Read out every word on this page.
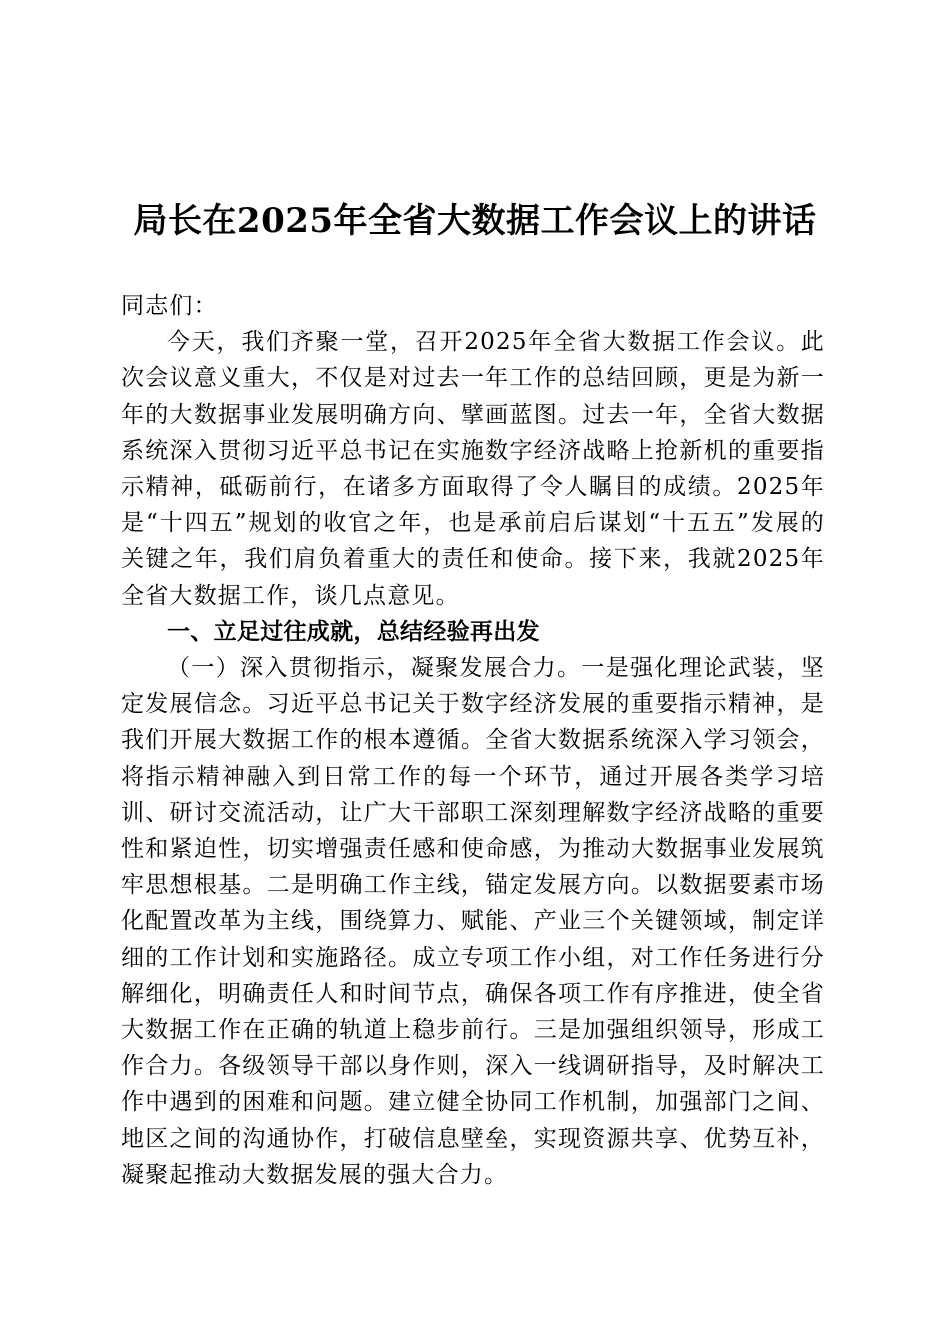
局长在2025年全省大数据工作会议上的讲话

同志们：

今天，我们齐聚一堂，召开2025年全省大数据工作会议。此次会议意义重大，不仅是对过去一年工作的总结回顾，更是为新一年的大数据事业发展明确方向、擘画蓝图。过去一年，全省大数据系统深入贯彻习近平总书记在实施数字经济战略上抢新机的重要指示精神，砥砺前行，在诸多方面取得了令人瞩目的成绩。2025年是“十四五”规划的收官之年，也是承前启后谋划“十五五”发展的关键之年，我们肩负着重大的责任和使命。接下来，我就2025年全省大数据工作，谈几点意见。

一、立足过往成就，总结经验再出发

（一）深入贯彻指示，凝聚发展合力。一是强化理论武装，坚定发展信念。习近平总书记关于数字经济发展的重要指示精神，是我们开展大数据工作的根本遵循。全省大数据系统深入学习领会，将指示精神融入到日常工作的每一个环节，通过开展各类学习培训、研讨交流活动，让广大干部职工深刻理解数字经济战略的重要性和紧迫性，切实增强责任感和使命感，为推动大数据事业发展筑牢思想根基。二是明确工作主线，锚定发展方向。以数据要素市场化配置改革为主线，围绕算力、赋能、产业三个关键领域，制定详细的工作计划和实施路径。成立专项工作小组，对工作任务进行分解细化，明确责任人和时间节点，确保各项工作有序推进，使全省大数据工作在正确的轨道上稳步前行。三是加强组织领导，形成工作合力。各级领导干部以身作则，深入一线调研指导，及时解决工作中遇到的困难和问题。建立健全协同工作机制，加强部门之间、地区之间的沟通协作，打破信息壁垒，实现资源共享、优势互补，凝聚起推动大数据发展的强大合力。
